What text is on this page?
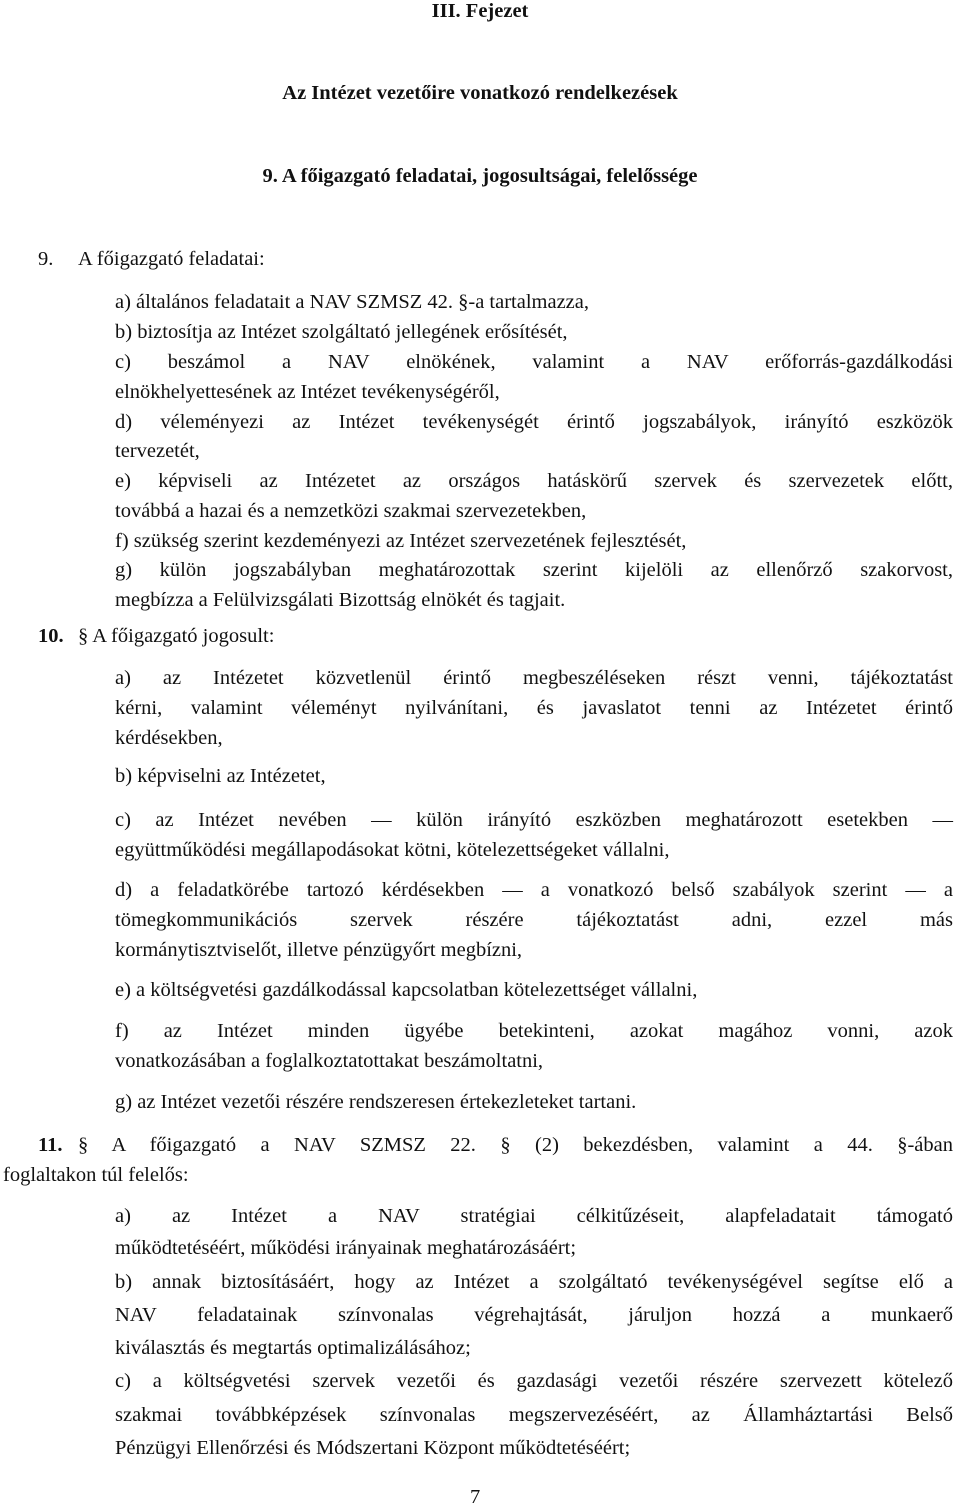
III. Fejezet
Az Intézet vezetőire vonatkozó rendelkezések
9. A főigazgató feladatai, jogosultságai, felelőssége
9. A főigazgató feladatai:
a) általános feladatait a NAV SZMSZ 42. §-a tartalmazza,
b) biztosítja az Intézet szolgáltató jellegének erősítését,
c) beszámol a NAV elnökének, valamint a NAV erőforrás-gazdálkodási
elnökhelyettesének az Intézet tevékenységéről,
d) véleményezi az Intézet tevékenységét érintő jogszabályok, irányító eszközök
tervezetét,
e) képviseli az Intézetet az országos hatáskörű szervek és szervezetek előtt,
továbbá a hazai és a nemzetközi szakmai szervezetekben,
f) szükség szerint kezdeményezi az Intézet szervezetének fejlesztését,
g) külön jogszabályban meghatározottak szerint kijelöli az ellenőrző szakorvost,
megbízza a Felülvizsgálati Bizottság elnökét és tagjait.
10. § A főigazgató jogosult:
a) az Intézetet közvetlenül érintő megbeszéléseken részt venni, tájékoztatást
kérni, valamint véleményt nyilvánítani, és javaslatot tenni az Intézetet érintő
kérdésekben,
b) képviselni az Intézetet,
c) az Intézet nevében — külön irányító eszközben meghatározott esetekben —
együttműködési megállapodásokat kötni, kötelezettségeket vállalni,
d) a feladatkörébe tartozó kérdésekben — a vonatkozó belső szabályok szerint — a
tömegkommunikációs szervek részére tájékoztatást adni, ezzel más
kormánytisztviselőt, illetve pénzügyőrt megbízni,
e) a költségvetési gazdálkodással kapcsolatban kötelezettséget vállalni,
f) az Intézet minden ügyébe betekinteni, azokat magához vonni, azok
vonatkozásában a foglalkoztatottakat beszámoltatni,
g) az Intézet vezetői részére rendszeresen értekezleteket tartani.
11. § A főigazgató a NAV SZMSZ 22. § (2) bekezdésben, valamint a 44. §-ában
foglaltakon túl felelős:
a) az Intézet a NAV stratégiai célkitűzéseit, alapfeladatait támogató
működtetéséért, működési irányainak meghatározásáért;
b) annak biztosításáért, hogy az Intézet a szolgáltató tevékenységével segítse elő a
NAV feladatainak színvonalas végrehajtását, járuljon hozzá a munkaerő
kiválasztás és megtartás optimalizálásához;
c) a költségvetési szervek vezetői és gazdasági vezetői részére szervezett kötelező
szakmai továbbképzések színvonalas megszervezéséért, az Államháztartási Belső
Pénzügyi Ellenőrzési és Módszertani Központ működtetéséért;
7
